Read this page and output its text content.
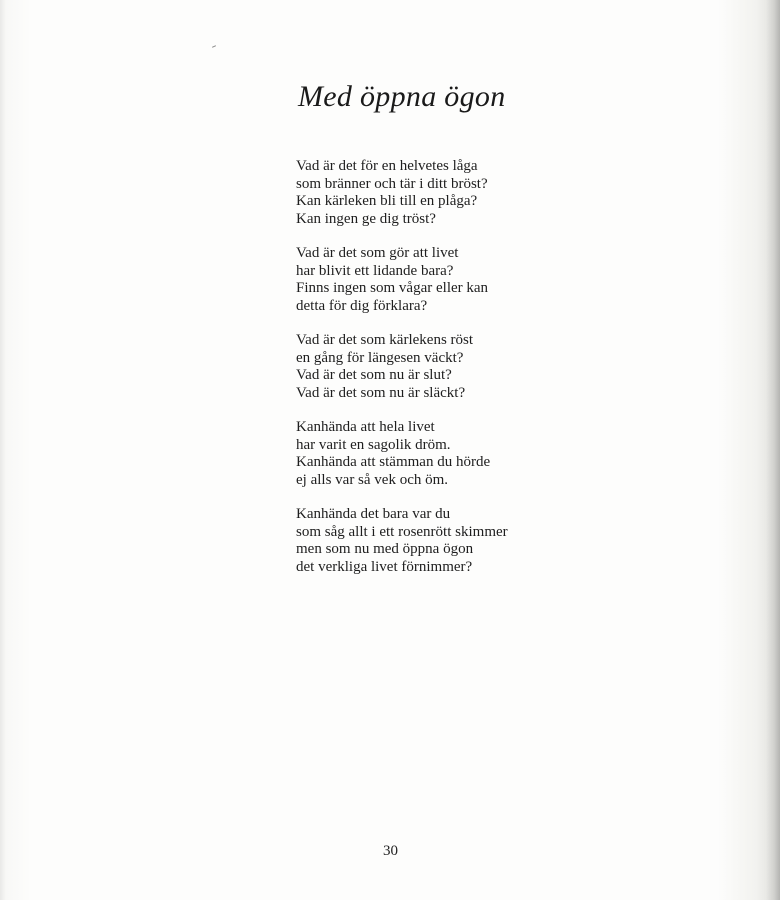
Med öppna ögon
Vad är det för en helvetes låga
som bränner och tär i ditt bröst?
Kan kärleken bli till en plåga?
Kan ingen ge dig tröst?
Vad är det som gör att livet
har blivit ett lidande bara?
Finns ingen som vågar eller kan
detta för dig förklara?
Vad är det som kärlekens röst
en gång för längesen väckt?
Vad är det som nu är slut?
Vad är det som nu är släckt?
Kanhända att hela livet
har varit en sagolik dröm.
Kanhända att stämman du hörde
ej alls var så vek och öm.
Kanhända det bara var du
som såg allt i ett rosenrött skimmer
men som nu med öppna ögon
det verkliga livet förnimmer?
30
